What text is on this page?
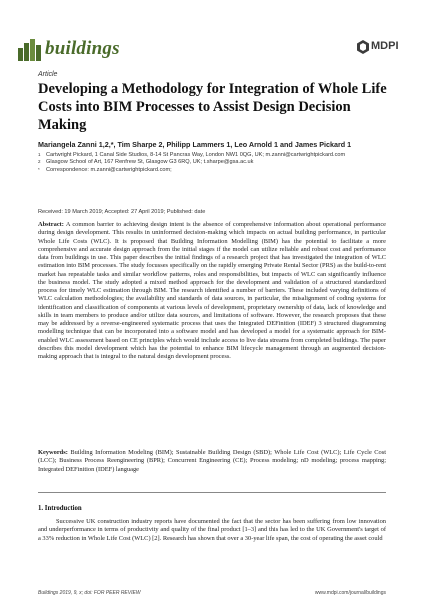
buildings	MDPI
Article
Developing a Methodology for Integration of Whole Life Costs into BIM Processes to Assist Design Decision Making
Mariangela Zanni 1,2,*, Tim Sharpe 2, Philipp Lammers 1, Leo Arnold 1 and James Pickard 1
1 Cartwright Pickard, 1 Canal Side Studios, 8-14 St Pancras Way, London NW1 0QG, UK; m.zanni@cartwrightpickard.com
2 Glasgow School of Art, 167 Renfrew St, Glasgow G3 6RQ, UK; t.sharpe@gsa.ac.uk
* Correspondence: m.zanni@cartwrightpickard.com;
Received: 19 March 2019; Accepted: 27 April 2019; Published: date
Abstract: A common barrier to achieving design intent is the absence of comprehensive information about operational performance during design development. This results in uninformed decision-making which impacts on actual building performance, in particular Whole Life Costs (WLC). It is proposed that Building Information Modelling (BIM) has the potential to facilitate a more comprehensive and accurate design approach from the initial stages if the model can utilize reliable and robust cost and performance data from buildings in use. This paper describes the initial findings of a research project that has investigated the integration of WLC estimation into BIM processes. The study focusses specifically on the rapidly emerging Private Rental Sector (PRS) as the build-to-rent market has repeatable tasks and similar workflow patterns, roles and responsibilities, but impacts of WLC can significantly influence the business model. The study adopted a mixed method approach for the development and validation of a structured standardized process for timely WLC estimation through BIM. The research identified a number of barriers. These included varying definitions of WLC calculation methodologies; the availability and standards of data sources, in particular, the misalignment of coding systems for identification and classification of components at various levels of development, proprietary ownership of data, lack of knowledge and skills in team members to produce and/or utilize data sources, and limitations of software. However, the research proposes that these may be addressed by a reverse-engineered systematic process that uses the Integrated DEFinition (IDEF) 3 structured diagramming modelling technique that can be incorporated into a software model and has developed a model for a systematic approach for BIM-enabled WLC assessment based on CE principles which would include access to live data streams from completed buildings. The paper describes this model development which has the potential to enhance BIM lifecycle management through an augmented decision-making approach that is integral to the natural design development process.
Keywords: Building Information Modeling (BIM); Sustainable Building Design (SBD); Whole Life Cost (WLC); Life Cycle Cost (LCC); Business Process Reengineering (BPR); Concurrent Engineering (CE); Process modeling; nD modeling; process mapping; Integrated DEFinition (IDEF) language
1. Introduction

Successive UK construction industry reports have documented the fact that the sector has been suffering from low innovation and underperformance in terms of productivity and quality of the final product [1–3] and this has led to the UK Government's target of a 33% reduction in Whole Life Cost (WLC) [2]. Research has shown that over a 30-year life span, the cost of operating the asset could

Buildings 2019, 9, x; doi: FOR PEER REVIEW	www.mdpi.com/journal/buildings
